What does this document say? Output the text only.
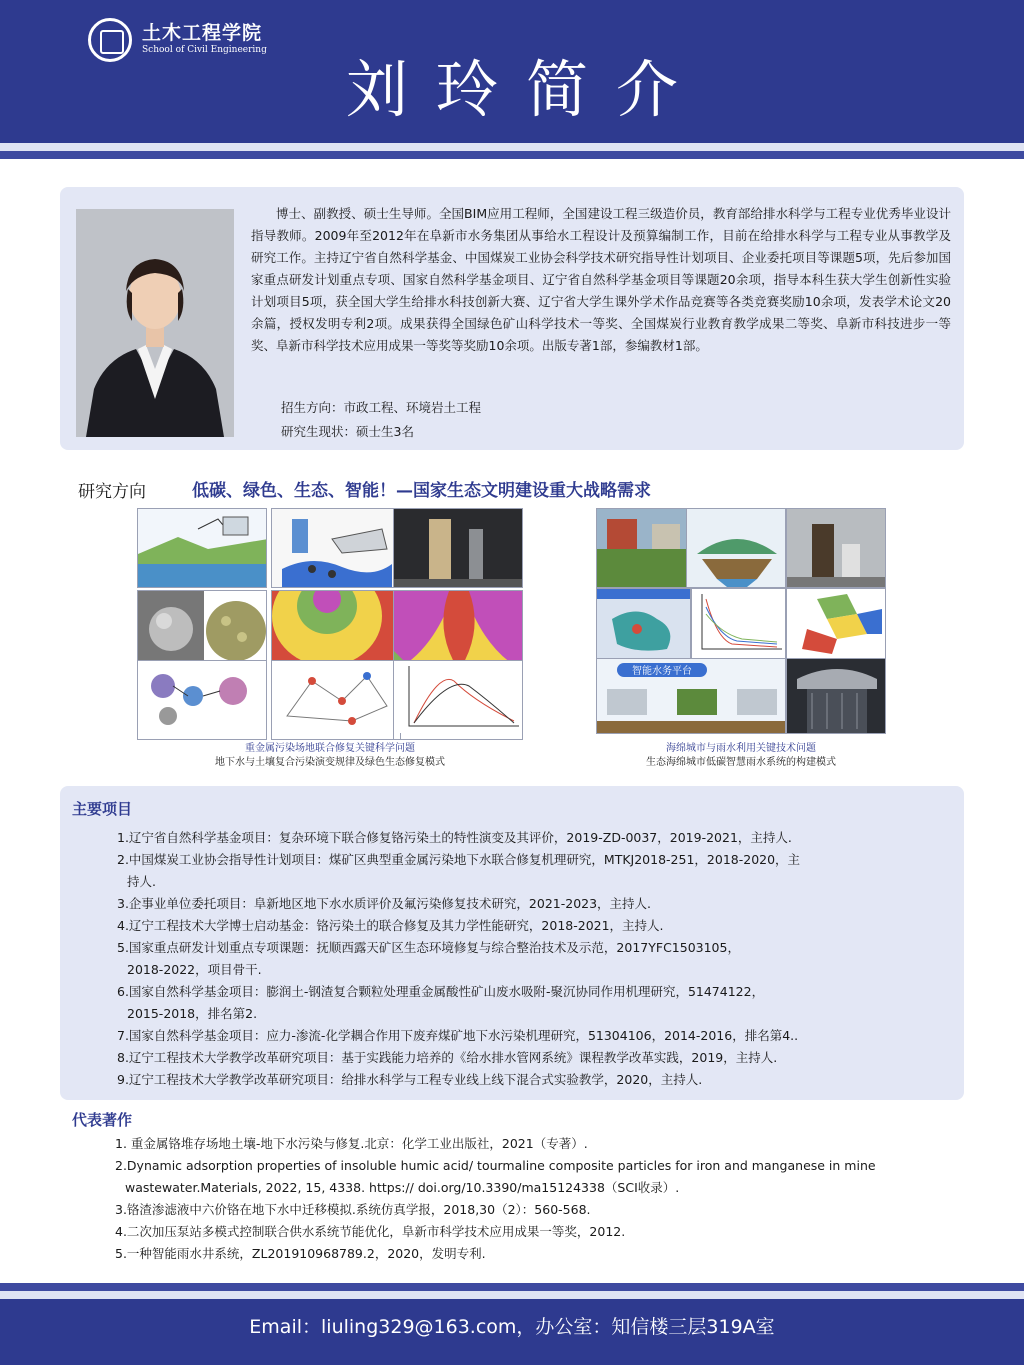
土木工程学院
School of Civil Engineering
刘玲简介
博士、副教授、硕士生导师。全国BIM应用工程师，全国建设工程三级造价员，教育部给排水科学与工程专业优秀毕业设计指导教师。2009年至2012年在阜新市水务集团从事给水工程设计及预算编制工作，目前在给排水科学与工程专业从事教学及研究工作。主持辽宁省自然科学基金、中国煤炭工业协会科学技术研究指导性计划项目、企业委托项目等课题5项，先后参加国家重点研发计划重点专项、国家自然科学基金项目、辽宁省自然科学基金项目等课题20余项，指导本科生获大学生创新性实验计划项目5项，获全国大学生给排水科技创新大赛、辽宁省大学生课外学术作品竞赛等各类竞赛奖励10余项，发表学术论文20余篇，授权发明专利2项。成果获得全国绿色矿山科学技术一等奖、全国煤炭行业教育教学成果二等奖、阜新市科技进步一等奖、阜新市科学技术应用成果一等奖等奖励10余项。出版专著1部，参编教材1部。
招生方向：市政工程、环境岩土工程
研究生现状：硕士生3名
研究方向	低碳、绿色、生态、智能！—国家生态文明建设重大战略需求
重金属污染场地联合修复关键科学问题
地下水与土壤复合污染演变规律及绿色生态修复模式
智能水务平台
海绵城市与雨水利用关键技术问题
生态海绵城市低碳智慧雨水系统的构建模式
主要项目
1.辽宁省自然科学基金项目：复杂环境下联合修复铬污染土的特性演变及其评价，2019-ZD-0037，2019-2021，主持人.
2.中国煤炭工业协会指导性计划项目：煤矿区典型重金属污染地下水联合修复机理研究，MTKJ2018-251，2018-2020，主
持人.
3.企事业单位委托项目：阜新地区地下水水质评价及氟污染修复技术研究，2021-2023，主持人.
4.辽宁工程技术大学博士启动基金：铬污染土的联合修复及其力学性能研究，2018-2021，主持人.
5.国家重点研发计划重点专项课题：抚顺西露天矿区生态环境修复与综合整治技术及示范，2017YFC1503105，
2018-2022，项目骨干.
6.国家自然科学基金项目：膨润土-钢渣复合颗粒处理重金属酸性矿山废水吸附-聚沉协同作用机理研究，51474122，
2015-2018，排名第2.
7.国家自然科学基金项目：应力-渗流-化学耦合作用下废弃煤矿地下水污染机理研究，51304106，2014-2016，排名第4..
8.辽宁工程技术大学教学改革研究项目：基于实践能力培养的《给水排水管网系统》课程教学改革实践，2019，主持人.
9.辽宁工程技术大学教学改革研究项目：给排水科学与工程专业线上线下混合式实验教学，2020，主持人.
代表著作
1. 重金属铬堆存场地土壤-地下水污染与修复.北京：化学工业出版社，2021（专著）.
2.Dynamic adsorption properties of insoluble humic acid/ tourmaline composite particles for iron and manganese in mine
wastewater.Materials, 2022, 15, 4338. https:// doi.org/10.3390/ma15124338（SCI收录）.
3.铬渣渗滤液中六价铬在地下水中迁移模拟.系统仿真学报，2018,30（2）：560-568.
4.二次加压泵站多模式控制联合供水系统节能优化，阜新市科学技术应用成果一等奖，2012.
5.一种智能雨水井系统，ZL201910968789.2，2020，发明专利.
Email：liuling329@163.com，办公室：知信楼三层319A室
